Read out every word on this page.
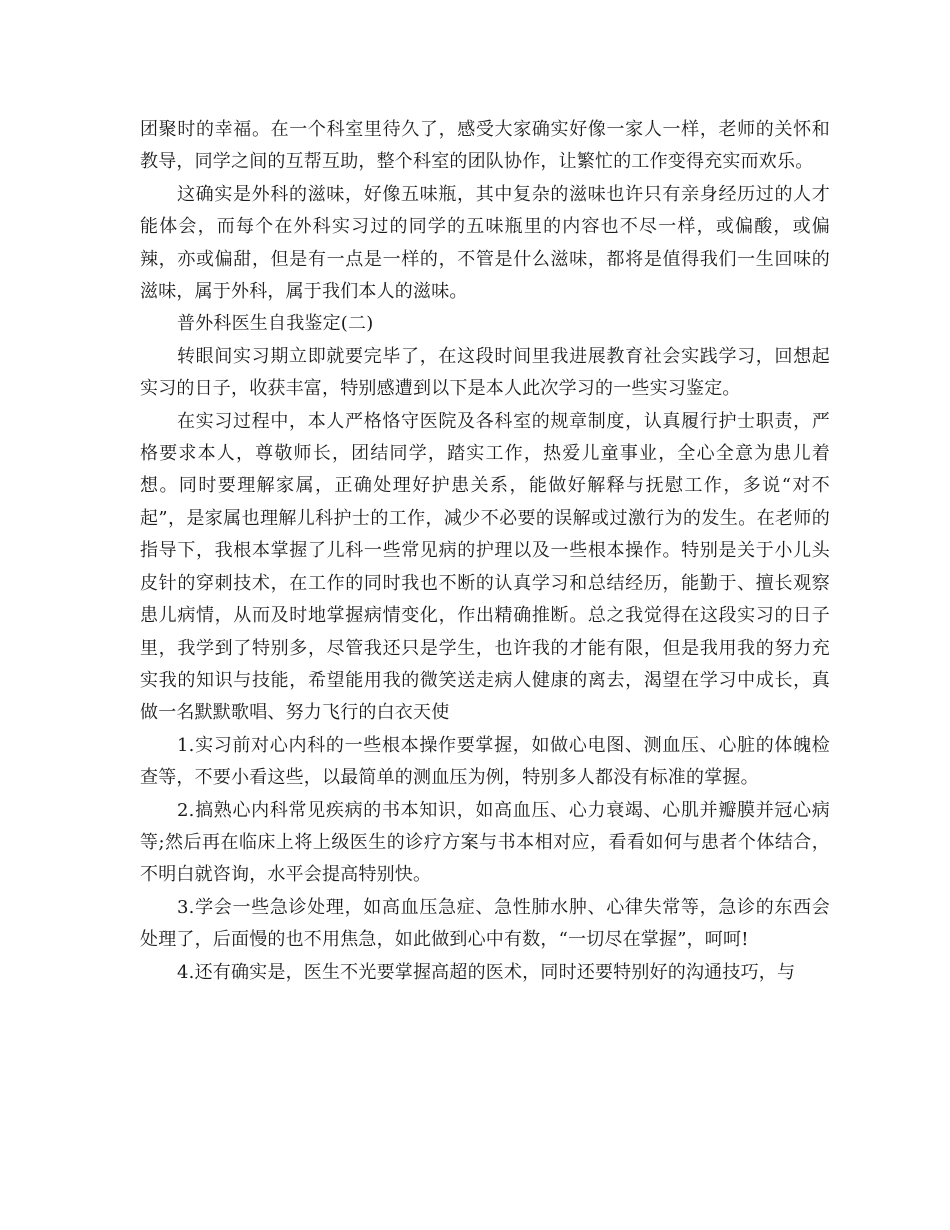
团聚时的幸福。在一个科室里待久了，感受大家确实好像一家人一样，老师的关怀和教导，同学之间的互帮互助，整个科室的团队协作，让繁忙的工作变得充实而欢乐。

这确实是外科的滋味，好像五味瓶，其中复杂的滋味也许只有亲身经历过的人才能体会，而每个在外科实习过的同学的五味瓶里的内容也不尽一样，或偏酸，或偏辣，亦或偏甜，但是有一点是一样的，不管是什么滋味，都将是值得我们一生回味的滋味，属于外科，属于我们本人的滋味。

普外科医生自我鉴定(二)

转眼间实习期立即就要完毕了，在这段时间里我进展教育社会实践学习，回想起实习的日子，收获丰富，特别感遭到以下是本人此次学习的一些实习鉴定。

在实习过程中，本人严格恪守医院及各科室的规章制度，认真履行护士职责，严格要求本人，尊敬师长，团结同学，踏实工作，热爱儿童事业，全心全意为患儿着想。同时要理解家属，正确处理好护患关系，能做好解释与抚慰工作，多说“对不起”，是家属也理解儿科护士的工作，减少不必要的误解或过激行为的发生。在老师的指导下，我根本掌握了儿科一些常见病的护理以及一些根本操作。特别是关于小儿头皮针的穿刺技术，在工作的同时我也不断的认真学习和总结经历，能勤于、擅长观察患儿病情，从而及时地掌握病情变化，作出精确推断。总之我觉得在这段实习的日子里，我学到了特别多，尽管我还只是学生，也许我的才能有限，但是我用我的努力充实我的知识与技能，希望能用我的微笑送走病人健康的离去，渴望在学习中成长，真做一名默默歌唱、努力飞行的白衣天使

1.实习前对心内科的一些根本操作要掌握，如做心电图、测血压、心脏的体魄检查等，不要小看这些，以最简单的测血压为例，特别多人都没有标准的掌握。

2.搞熟心内科常见疾病的书本知识，如高血压、心力衰竭、心肌并瓣膜并冠心病等;然后再在临床上将上级医生的诊疗方案与书本相对应，看看如何与患者个体结合，不明白就咨询，水平会提高特别快。

3.学会一些急诊处理，如高血压急症、急性肺水肿、心律失常等，急诊的东西会处理了，后面慢的也不用焦急，如此做到心中有数，“一切尽在掌握”，呵呵!

4.还有确实是，医生不光要掌握高超的医术，同时还要特别好的沟通技巧，与
